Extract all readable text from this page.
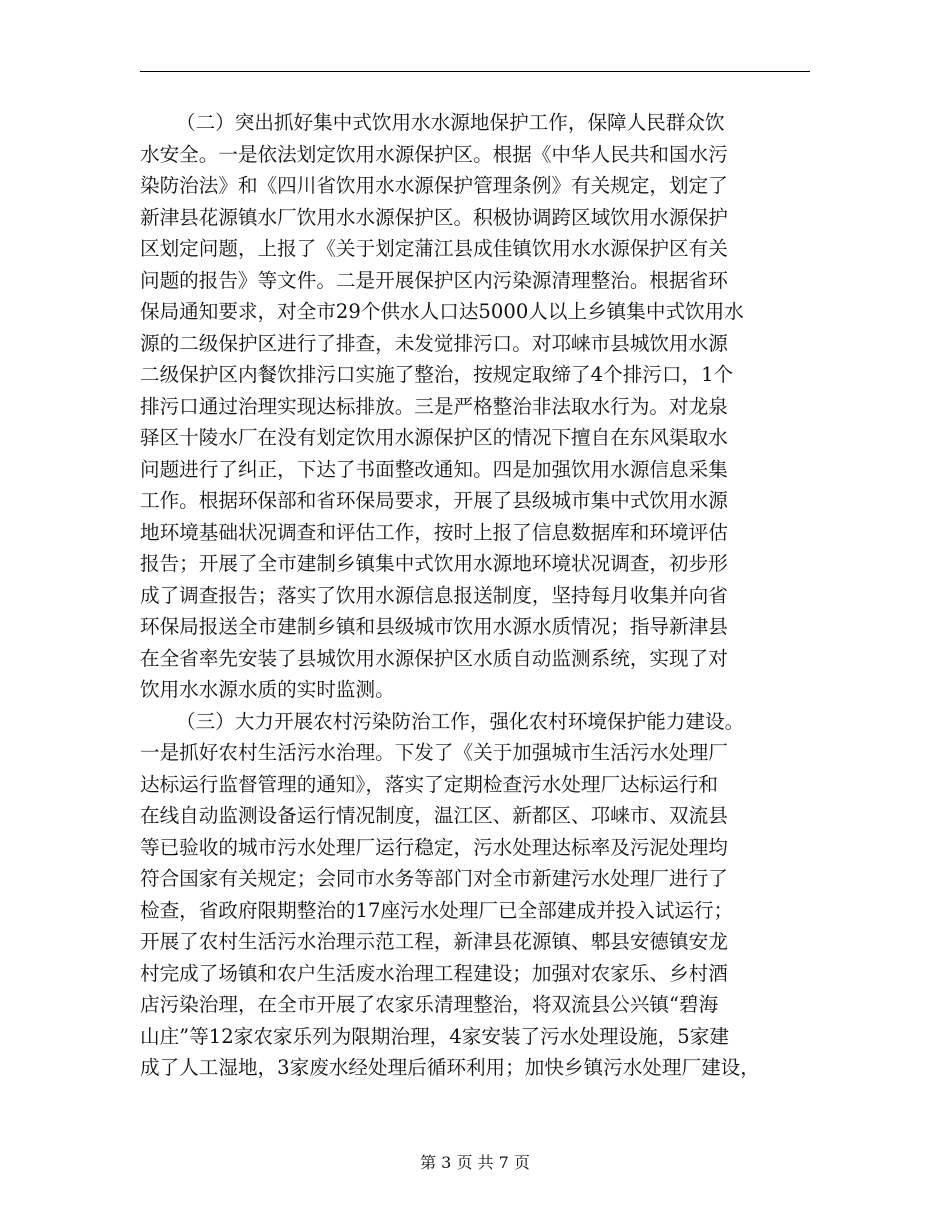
（二）突出抓好集中式饮用水水源地保护工作，保障人民群众饮
水安全。一是依法划定饮用水源保护区。根据《中华人民共和国水污
染防治法》和《四川省饮用水水源保护管理条例》有关规定，划定了
新津县花源镇水厂饮用水水源保护区。积极协调跨区域饮用水源保护
区划定问题，上报了《关于划定蒲江县成佳镇饮用水水源保护区有关
问题的报告》等文件。二是开展保护区内污染源清理整治。根据省环
保局通知要求，对全市29个供水人口达5000人以上乡镇集中式饮用水
源的二级保护区进行了排查，未发觉排污口。对邛崃市县城饮用水源
二级保护区内餐饮排污口实施了整治，按规定取缔了4个排污口，1个
排污口通过治理实现达标排放。三是严格整治非法取水行为。对龙泉
驿区十陵水厂在没有划定饮用水源保护区的情况下擅自在东风渠取水
问题进行了纠正，下达了书面整改通知。四是加强饮用水源信息采集
工作。根据环保部和省环保局要求，开展了县级城市集中式饮用水源
地环境基础状况调查和评估工作，按时上报了信息数据库和环境评估
报告；开展了全市建制乡镇集中式饮用水源地环境状况调查，初步形
成了调查报告；落实了饮用水源信息报送制度，坚持每月收集并向省
环保局报送全市建制乡镇和县级城市饮用水源水质情况；指导新津县
在全省率先安装了县城饮用水源保护区水质自动监测系统，实现了对
饮用水水源水质的实时监测。
（三）大力开展农村污染防治工作，强化农村环境保护能力建设。
一是抓好农村生活污水治理。下发了《关于加强城市生活污水处理厂
达标运行监督管理的通知》，落实了定期检查污水处理厂达标运行和
在线自动监测设备运行情况制度，温江区、新都区、邛崃市、双流县
等已验收的城市污水处理厂运行稳定，污水处理达标率及污泥处理均
符合国家有关规定；会同市水务等部门对全市新建污水处理厂进行了
检查，省政府限期整治的17座污水处理厂已全部建成并投入试运行；
开展了农村生活污水治理示范工程，新津县花源镇、郫县安德镇安龙
村完成了场镇和农户生活废水治理工程建设；加强对农家乐、乡村酒
店污染治理，在全市开展了农家乐清理整治，将双流县公兴镇“碧海
山庄”等12家农家乐列为限期治理，4家安装了污水处理设施，5家建
成了人工湿地，3家废水经处理后循环利用；加快乡镇污水处理厂建设，
第 3 页 共 7 页
